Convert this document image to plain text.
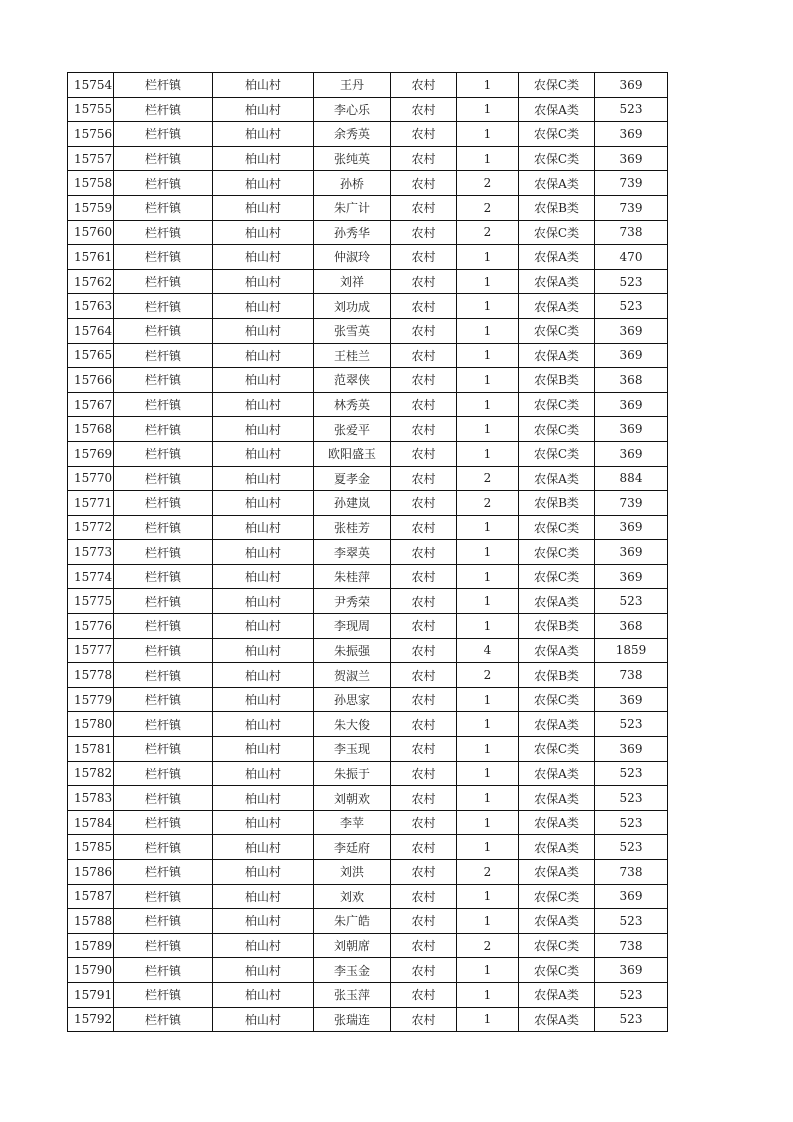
15754	栏杆镇	柏山村	王丹	农村	1	农保C类	369
15755	栏杆镇	柏山村	李心乐	农村	1	农保A类	523
15756	栏杆镇	柏山村	余秀英	农村	1	农保C类	369
15757	栏杆镇	柏山村	张纯英	农村	1	农保C类	369
15758	栏杆镇	柏山村	孙桥	农村	2	农保A类	739
15759	栏杆镇	柏山村	朱广计	农村	2	农保B类	739
15760	栏杆镇	柏山村	孙秀华	农村	2	农保C类	738
15761	栏杆镇	柏山村	仲淑玲	农村	1	农保A类	470
15762	栏杆镇	柏山村	刘祥	农村	1	农保A类	523
15763	栏杆镇	柏山村	刘功成	农村	1	农保A类	523
15764	栏杆镇	柏山村	张雪英	农村	1	农保C类	369
15765	栏杆镇	柏山村	王桂兰	农村	1	农保A类	369
15766	栏杆镇	柏山村	范翠侠	农村	1	农保B类	368
15767	栏杆镇	柏山村	林秀英	农村	1	农保C类	369
15768	栏杆镇	柏山村	张爱平	农村	1	农保C类	369
15769	栏杆镇	柏山村	欧阳盛玉	农村	1	农保C类	369
15770	栏杆镇	柏山村	夏孝金	农村	2	农保A类	884
15771	栏杆镇	柏山村	孙建岚	农村	2	农保B类	739
15772	栏杆镇	柏山村	张桂芳	农村	1	农保C类	369
15773	栏杆镇	柏山村	李翠英	农村	1	农保C类	369
15774	栏杆镇	柏山村	朱桂萍	农村	1	农保C类	369
15775	栏杆镇	柏山村	尹秀荣	农村	1	农保A类	523
15776	栏杆镇	柏山村	李现周	农村	1	农保B类	368
15777	栏杆镇	柏山村	朱振强	农村	4	农保A类	1859
15778	栏杆镇	柏山村	贺淑兰	农村	2	农保B类	738
15779	栏杆镇	柏山村	孙思家	农村	1	农保C类	369
15780	栏杆镇	柏山村	朱大俊	农村	1	农保A类	523
15781	栏杆镇	柏山村	李玉现	农村	1	农保C类	369
15782	栏杆镇	柏山村	朱振于	农村	1	农保A类	523
15783	栏杆镇	柏山村	刘朝欢	农村	1	农保A类	523
15784	栏杆镇	柏山村	李苹	农村	1	农保A类	523
15785	栏杆镇	柏山村	李廷府	农村	1	农保A类	523
15786	栏杆镇	柏山村	刘洪	农村	2	农保A类	738
15787	栏杆镇	柏山村	刘欢	农村	1	农保C类	369
15788	栏杆镇	柏山村	朱广皓	农村	1	农保A类	523
15789	栏杆镇	柏山村	刘朝席	农村	2	农保C类	738
15790	栏杆镇	柏山村	李玉金	农村	1	农保C类	369
15791	栏杆镇	柏山村	张玉萍	农村	1	农保A类	523
15792	栏杆镇	柏山村	张瑞连	农村	1	农保A类	523
